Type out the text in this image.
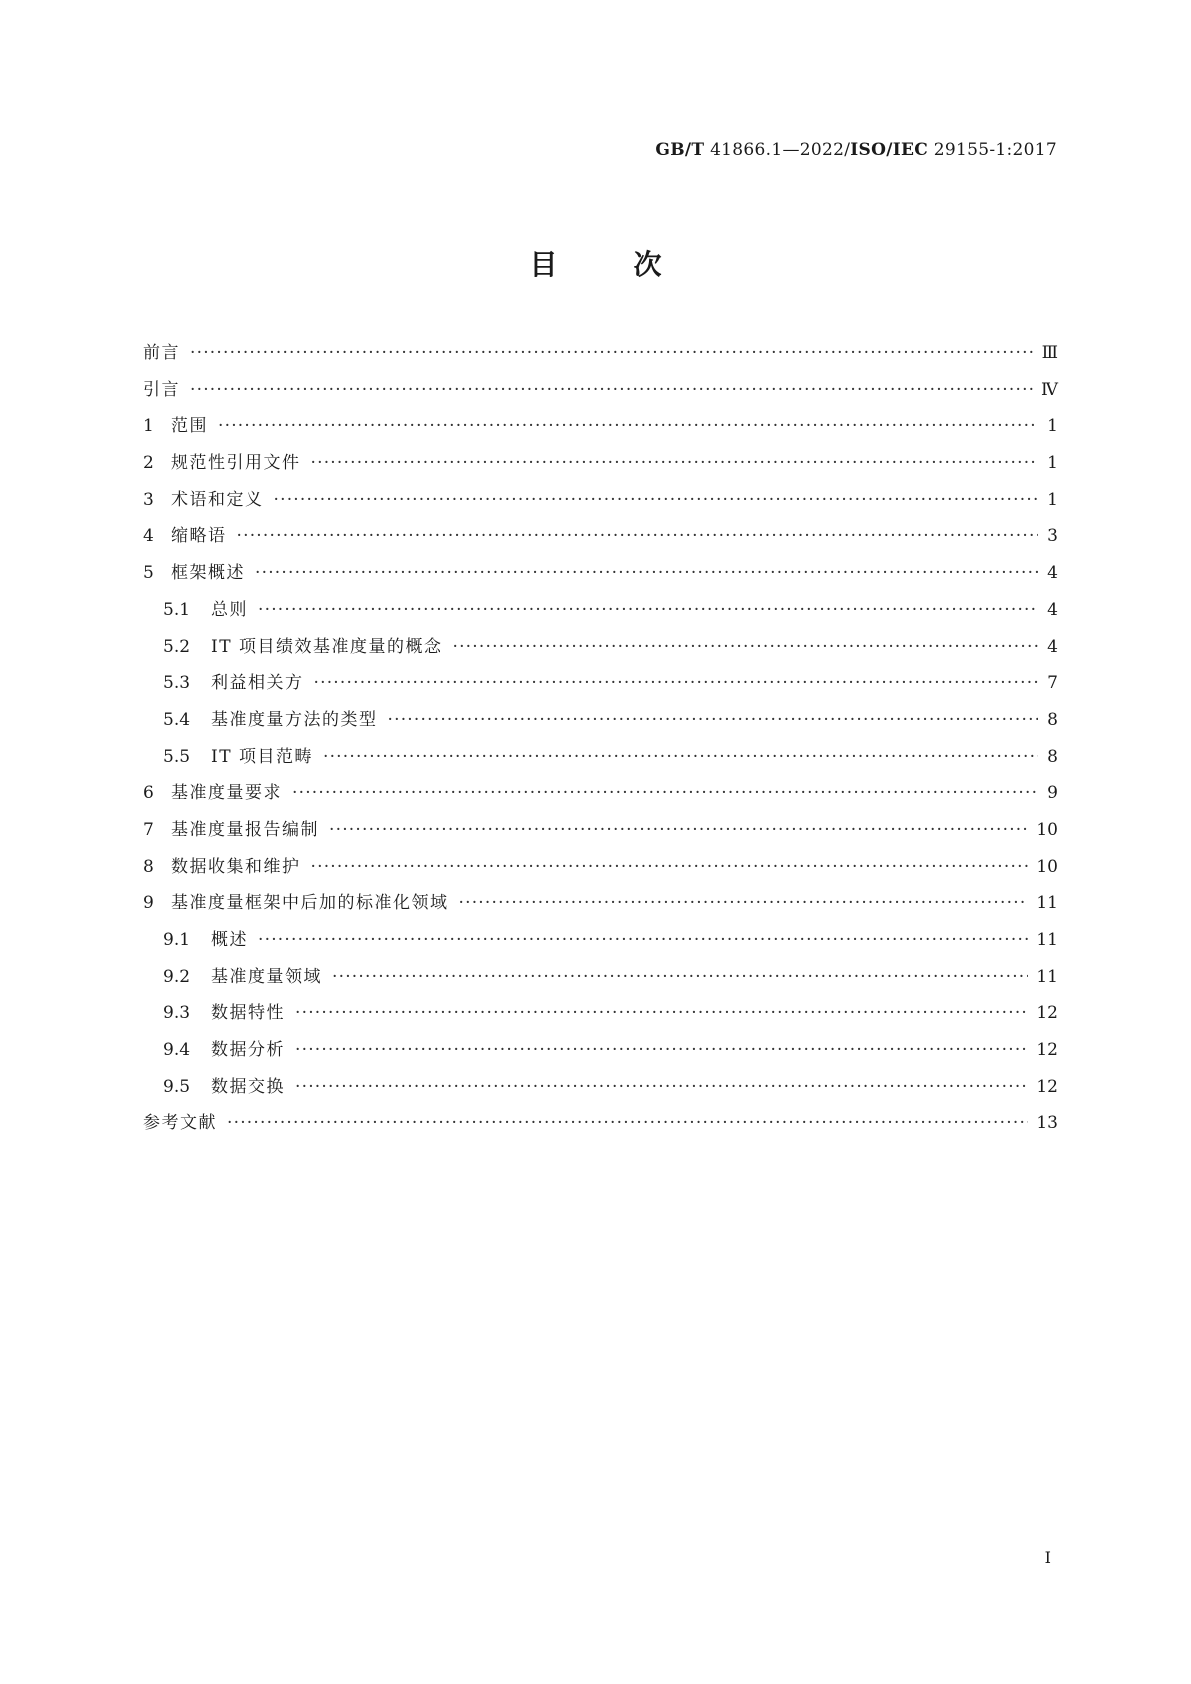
GB/T 41866.1—2022/ISO/IEC 29155-1:2017
目	次
前言 ·····	Ⅲ
引言 ·····	Ⅳ
1	范围 ·····	1
2	规范性引用文件 ·····	1
3	术语和定义 ·····	1
4	缩略语 ·····	3
5	框架概述 ·····	4
5.1	总则 ·····	4
5.2	IT 项目绩效基准度量的概念 ·····	4
5.3	利益相关方 ·····	7
5.4	基准度量方法的类型 ·····	8
5.5	IT 项目范畴 ·····	8
6	基准度量要求 ·····	9
7	基准度量报告编制 ·····	10
8	数据收集和维护 ·····	10
9	基准度量框架中后加的标准化领域 ·····	11
9.1	概述 ·····	11
9.2	基准度量领域 ·····	11
9.3	数据特性 ·····	12
9.4	数据分析 ·····	12
9.5	数据交换 ·····	12
参考文献 ·····	13
Ⅰ
